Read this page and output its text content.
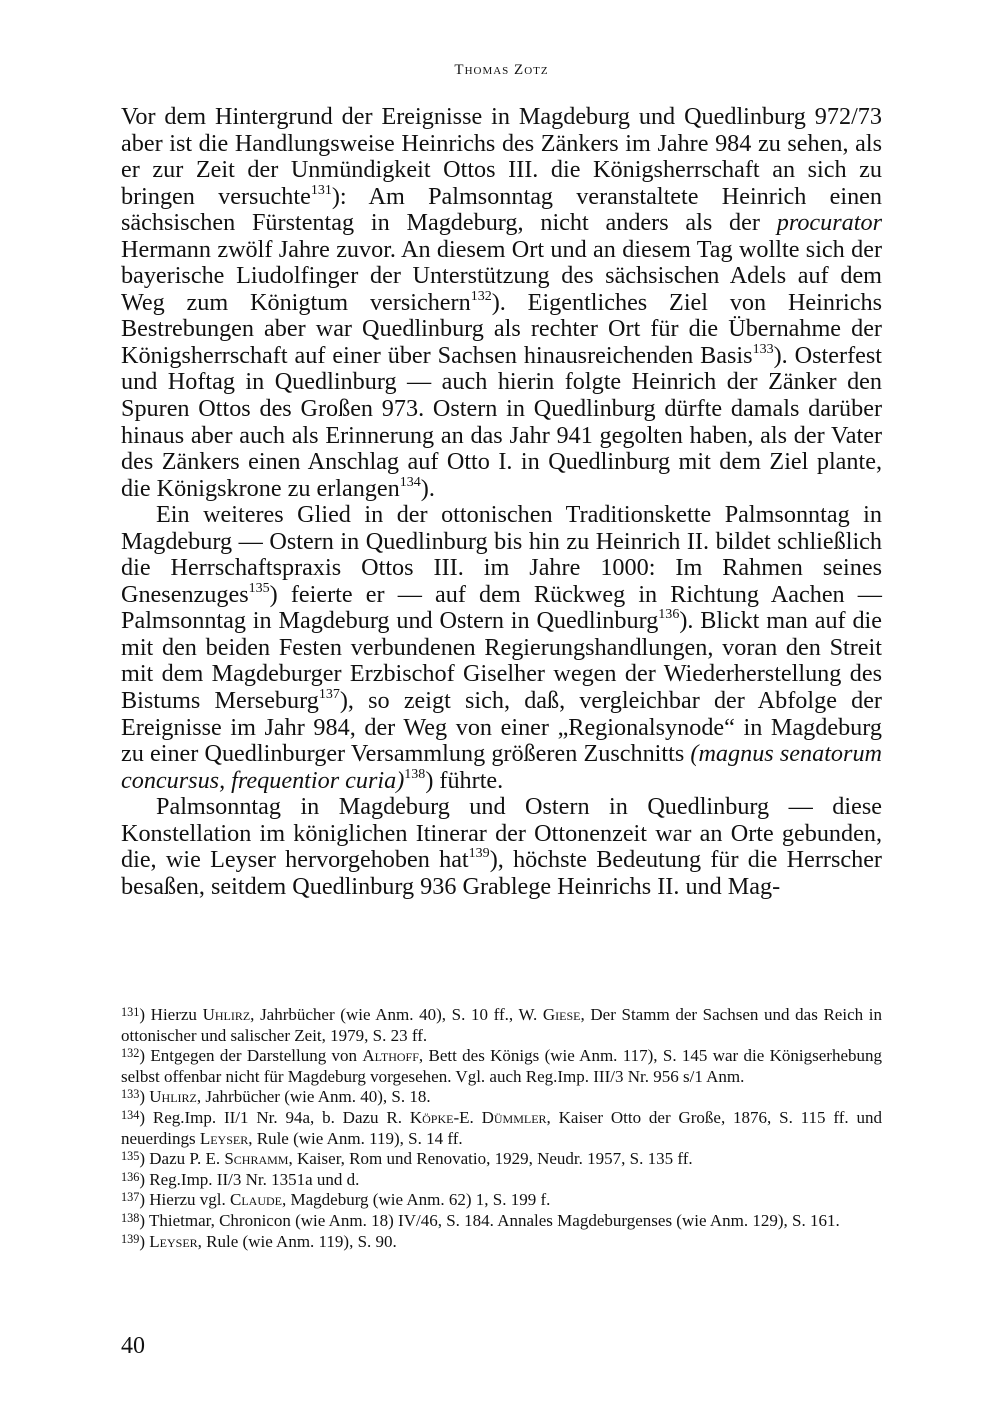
Thomas Zotz

Vor dem Hintergrund der Ereignisse in Magdeburg und Quedlinburg 972/73 aber ist die Handlungsweise Heinrichs des Zänkers im Jahre 984 zu sehen, als er zur Zeit der Unmündigkeit Ottos III. die Königsherrschaft an sich zu bringen versuchte$^{131}$): Am Palmsonntag veranstaltete Heinrich einen sächsischen Fürstentag in Magdeburg, nicht anders als der procurator Hermann zwölf Jahre zuvor. An diesem Ort und an diesem Tag wollte sich der bayerische Liudolfinger der Unterstützung des sächsischen Adels auf dem Weg zum Königtum versichern$^{132}$). Eigentliches Ziel von Heinrichs Bestrebungen aber war Quedlinburg als rechter Ort für die Übernahme der Königsherrschaft auf einer über Sachsen hinausreichenden Basis$^{133}$). Osterfest und Hoftag in Quedlinburg — auch hierin folgte Heinrich der Zänker den Spuren Ottos des Großen 973. Ostern in Quedlinburg dürfte damals darüber hinaus aber auch als Erinnerung an das Jahr 941 gegolten haben, als der Vater des Zänkers einen Anschlag auf Otto I. in Quedlinburg mit dem Ziel plante, die Königskrone zu erlangen$^{134}$).

Ein weiteres Glied in der ottonischen Traditionskette Palmsonntag in Magdeburg — Ostern in Quedlinburg bis hin zu Heinrich II. bildet schließlich die Herrschaftspraxis Ottos III. im Jahre 1000: Im Rahmen seines Gnesenzuges$^{135}$) feierte er — auf dem Rückweg in Richtung Aachen — Palmsonntag in Magdeburg und Ostern in Quedlinburg$^{136}$). Blickt man auf die mit den beiden Festen verbundenen Regierungshandlungen, voran den Streit mit dem Magdeburger Erzbischof Giselher wegen der Wiederherstellung des Bistums Merseburg$^{137}$), so zeigt sich, daß, vergleichbar der Abfolge der Ereignisse im Jahr 984, der Weg von einer „Regionalsynode“ in Magdeburg zu einer Quedlinburger Versammlung größeren Zuschnitts (magnus senatorum concursus, frequentior curia)$^{138}$) führte.

Palmsonntag in Magdeburg und Ostern in Quedlinburg — diese Konstellation im königlichen Itinerar der Ottonenzeit war an Orte gebunden, die, wie Leyser hervorgehoben hat$^{139}$), höchste Bedeutung für die Herrscher besaßen, seitdem Quedlinburg 936 Grablege Heinrichs II. und Mag-

$^{131}$) Hierzu Uhlirz, Jahrbücher (wie Anm. 40), S. 10 ff., W. Giese, Der Stamm der Sachsen und das Reich in ottonischer und salischer Zeit, 1979, S. 23 ff.
$^{132}$) Entgegen der Darstellung von Althoff, Bett des Königs (wie Anm. 117), S. 145 war die Königserhebung selbst offenbar nicht für Magdeburg vorgesehen. Vgl. auch Reg.Imp. III/3 Nr. 956 s/1 Anm.
$^{133}$) Uhlirz, Jahrbücher (wie Anm. 40), S. 18.
$^{134}$) Reg.Imp. II/1 Nr. 94a, b. Dazu R. Köpke-E. Dümmler, Kaiser Otto der Große, 1876, S. 115 ff. und neuerdings Leyser, Rule (wie Anm. 119), S. 14 ff.
$^{135}$) Dazu P. E. Schramm, Kaiser, Rom und Renovatio, 1929, Neudr. 1957, S. 135 ff.
$^{136}$) Reg.Imp. II/3 Nr. 1351a und d.
$^{137}$) Hierzu vgl. Claude, Magdeburg (wie Anm. 62) 1, S. 199 f.
$^{138}$) Thietmar, Chronicon (wie Anm. 18) IV/46, S. 184. Annales Magdeburgenses (wie Anm. 129), S. 161.
$^{139}$) Leyser, Rule (wie Anm. 119), S. 90.
40
